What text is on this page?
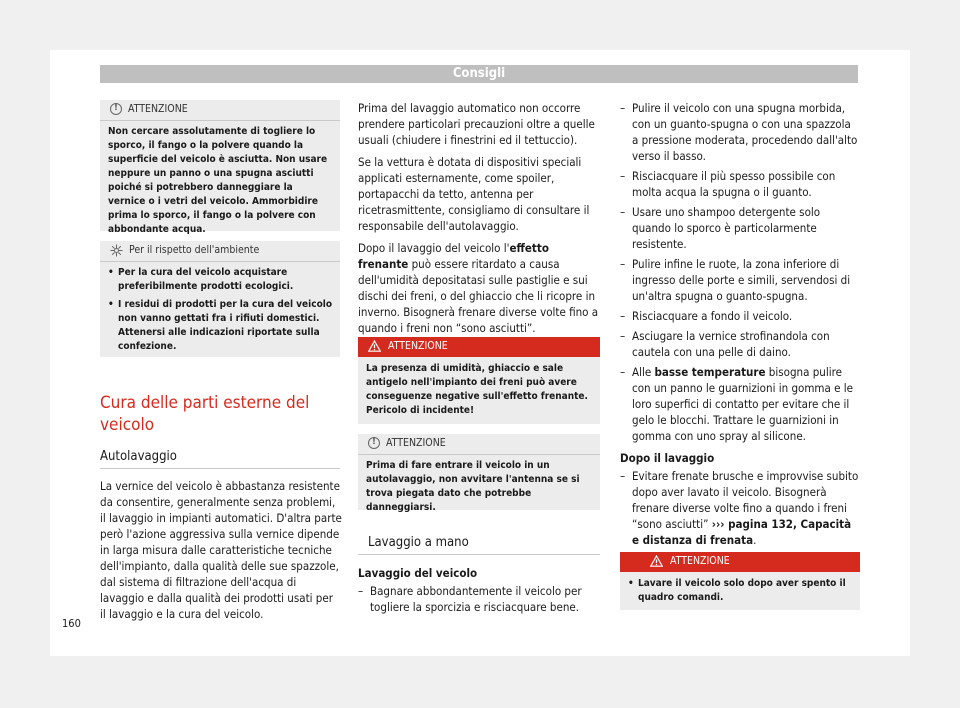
Consigli
! ATTENZIONE
Non cercare assolutamente di togliere lo sporco, il fango o la polvere quando la superficie del veicolo è asciutta. Non usare neppure un panno o una spugna asciutti poiché si potrebbero danneggiare la vernice o i vetri del veicolo. Ammorbidire prima lo sporco, il fango o la polvere con abbondante acqua.
Per il rispetto dell'ambiente
• Per la cura del veicolo acquistare preferibilmente prodotti ecologici.
• I residui di prodotti per la cura del veicolo non vanno gettati fra i rifiuti domestici. Attenersi alle indicazioni riportate sulla confezione.
Cura delle parti esterne del veicolo
Autolavaggio

La vernice del veicolo è abbastanza resistente da consentire, generalmente senza problemi, il lavaggio in impianti automatici. D'altra parte però l'azione aggressiva sulla vernice dipende in larga misura dalle caratteristiche tecniche dell'impianto, dalla qualità delle sue spazzole, dal sistema di filtrazione dell'acqua di lavaggio e dalla qualità dei prodotti usati per il lavaggio e la cura del veicolo.

160

Prima del lavaggio automatico non occorre prendere particolari precauzioni oltre a quelle usuali (chiudere i finestrini ed il tettuccio).

Se la vettura è dotata di dispositivi speciali applicati esternamente, come spoiler, portapacchi da tetto, antenna per ricetrasmittente, consigliamo di consultare il responsabile dell'autolavaggio.

Dopo il lavaggio del veicolo l'effetto frenante può essere ritardato a causa dell'umidità depositatasi sulle pastiglie e sui dischi dei freni, o del ghiaccio che li ricopre in inverno. Bisognerà frenare diverse volte fino a quando i freni non “sono asciutti”.

ATTENZIONE
La presenza di umidità, ghiaccio e sale antigelo nell'impianto dei freni può avere conseguenze negative sull'effetto frenante. Pericolo di incidente!
! ATTENZIONE
Prima di fare entrare il veicolo in un autolavaggio, non avvitare l'antenna se si trova piegata dato che potrebbe danneggiarsi.
Lavaggio a mano

Lavaggio del veicolo

– Bagnare abbondantemente il veicolo per togliere la sporcizia e risciacquare bene.
– Pulire il veicolo con una spugna morbida, con un guanto-spugna o con una spazzola a pressione moderata, procedendo dall'alto verso il basso.
– Risciacquare il più spesso possibile con molta acqua la spugna o il guanto.
– Usare uno shampoo detergente solo quando lo sporco è particolarmente resistente.
– Pulire infine le ruote, la zona inferiore di ingresso delle porte e simili, servendosi di un'altra spugna o guanto-spugna.
– Risciacquare a fondo il veicolo.
– Asciugare la vernice strofinandola con cautela con una pelle di daino.
– Alle basse temperature bisogna pulire con un panno le guarnizioni in gomma e le loro superfici di contatto per evitare che il gelo le blocchi. Trattare le guarnizioni in gomma con uno spray al silicone.

Dopo il lavaggio

– Evitare frenate brusche e improvvise subito dopo aver lavato il veicolo. Bisognerà frenare diverse volte fino a quando i freni “sono asciutti” ››› pagina 132, Capacità e distanza di frenata.
ATTENZIONE
• Lavare il veicolo solo dopo aver spento il quadro comandi.
